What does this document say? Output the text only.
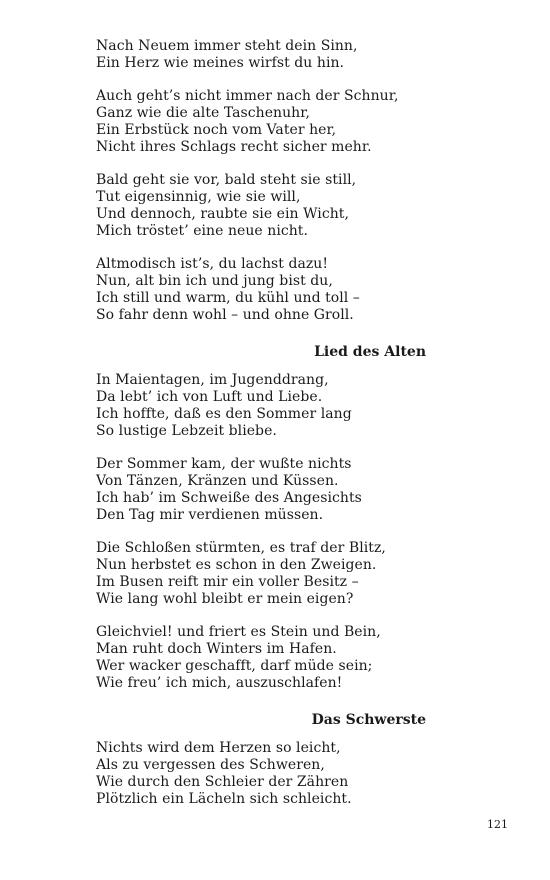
Nach Neuem immer steht dein Sinn,
Ein Herz wie meines wirfst du hin.
Auch geht’s nicht immer nach der Schnur,
Ganz wie die alte Taschenuhr,
Ein Erbstück noch vom Vater her,
Nicht ihres Schlags recht sicher mehr.
Bald geht sie vor, bald steht sie still,
Tut eigensinnig, wie sie will,
Und dennoch, raubte sie ein Wicht,
Mich tröstet’ eine neue nicht.
Altmodisch ist’s, du lachst dazu!
Nun, alt bin ich und jung bist du,
Ich still und warm, du kühl und toll –
So fahr denn wohl – und ohne Groll.
Lied des Alten
In Maientagen, im Jugenddrang,
Da lebt’ ich von Luft und Liebe.
Ich hoffte, daß es den Sommer lang
So lustige Lebzeit bliebe.
Der Sommer kam, der wußte nichts
Von Tänzen, Kränzen und Küssen.
Ich hab’ im Schweiße des Angesichts
Den Tag mir verdienen müssen.
Die Schloßen stürmten, es traf der Blitz,
Nun herbstet es schon in den Zweigen.
Im Busen reift mir ein voller Besitz –
Wie lang wohl bleibt er mein eigen?
Gleichviel! und friert es Stein und Bein,
Man ruht doch Winters im Hafen.
Wer wacker geschafft, darf müde sein;
Wie freu’ ich mich, auszuschlafen!
Das Schwerste
Nichts wird dem Herzen so leicht,
Als zu vergessen des Schweren,
Wie durch den Schleier der Zähren
Plötzlich ein Lächeln sich schleicht.
121
